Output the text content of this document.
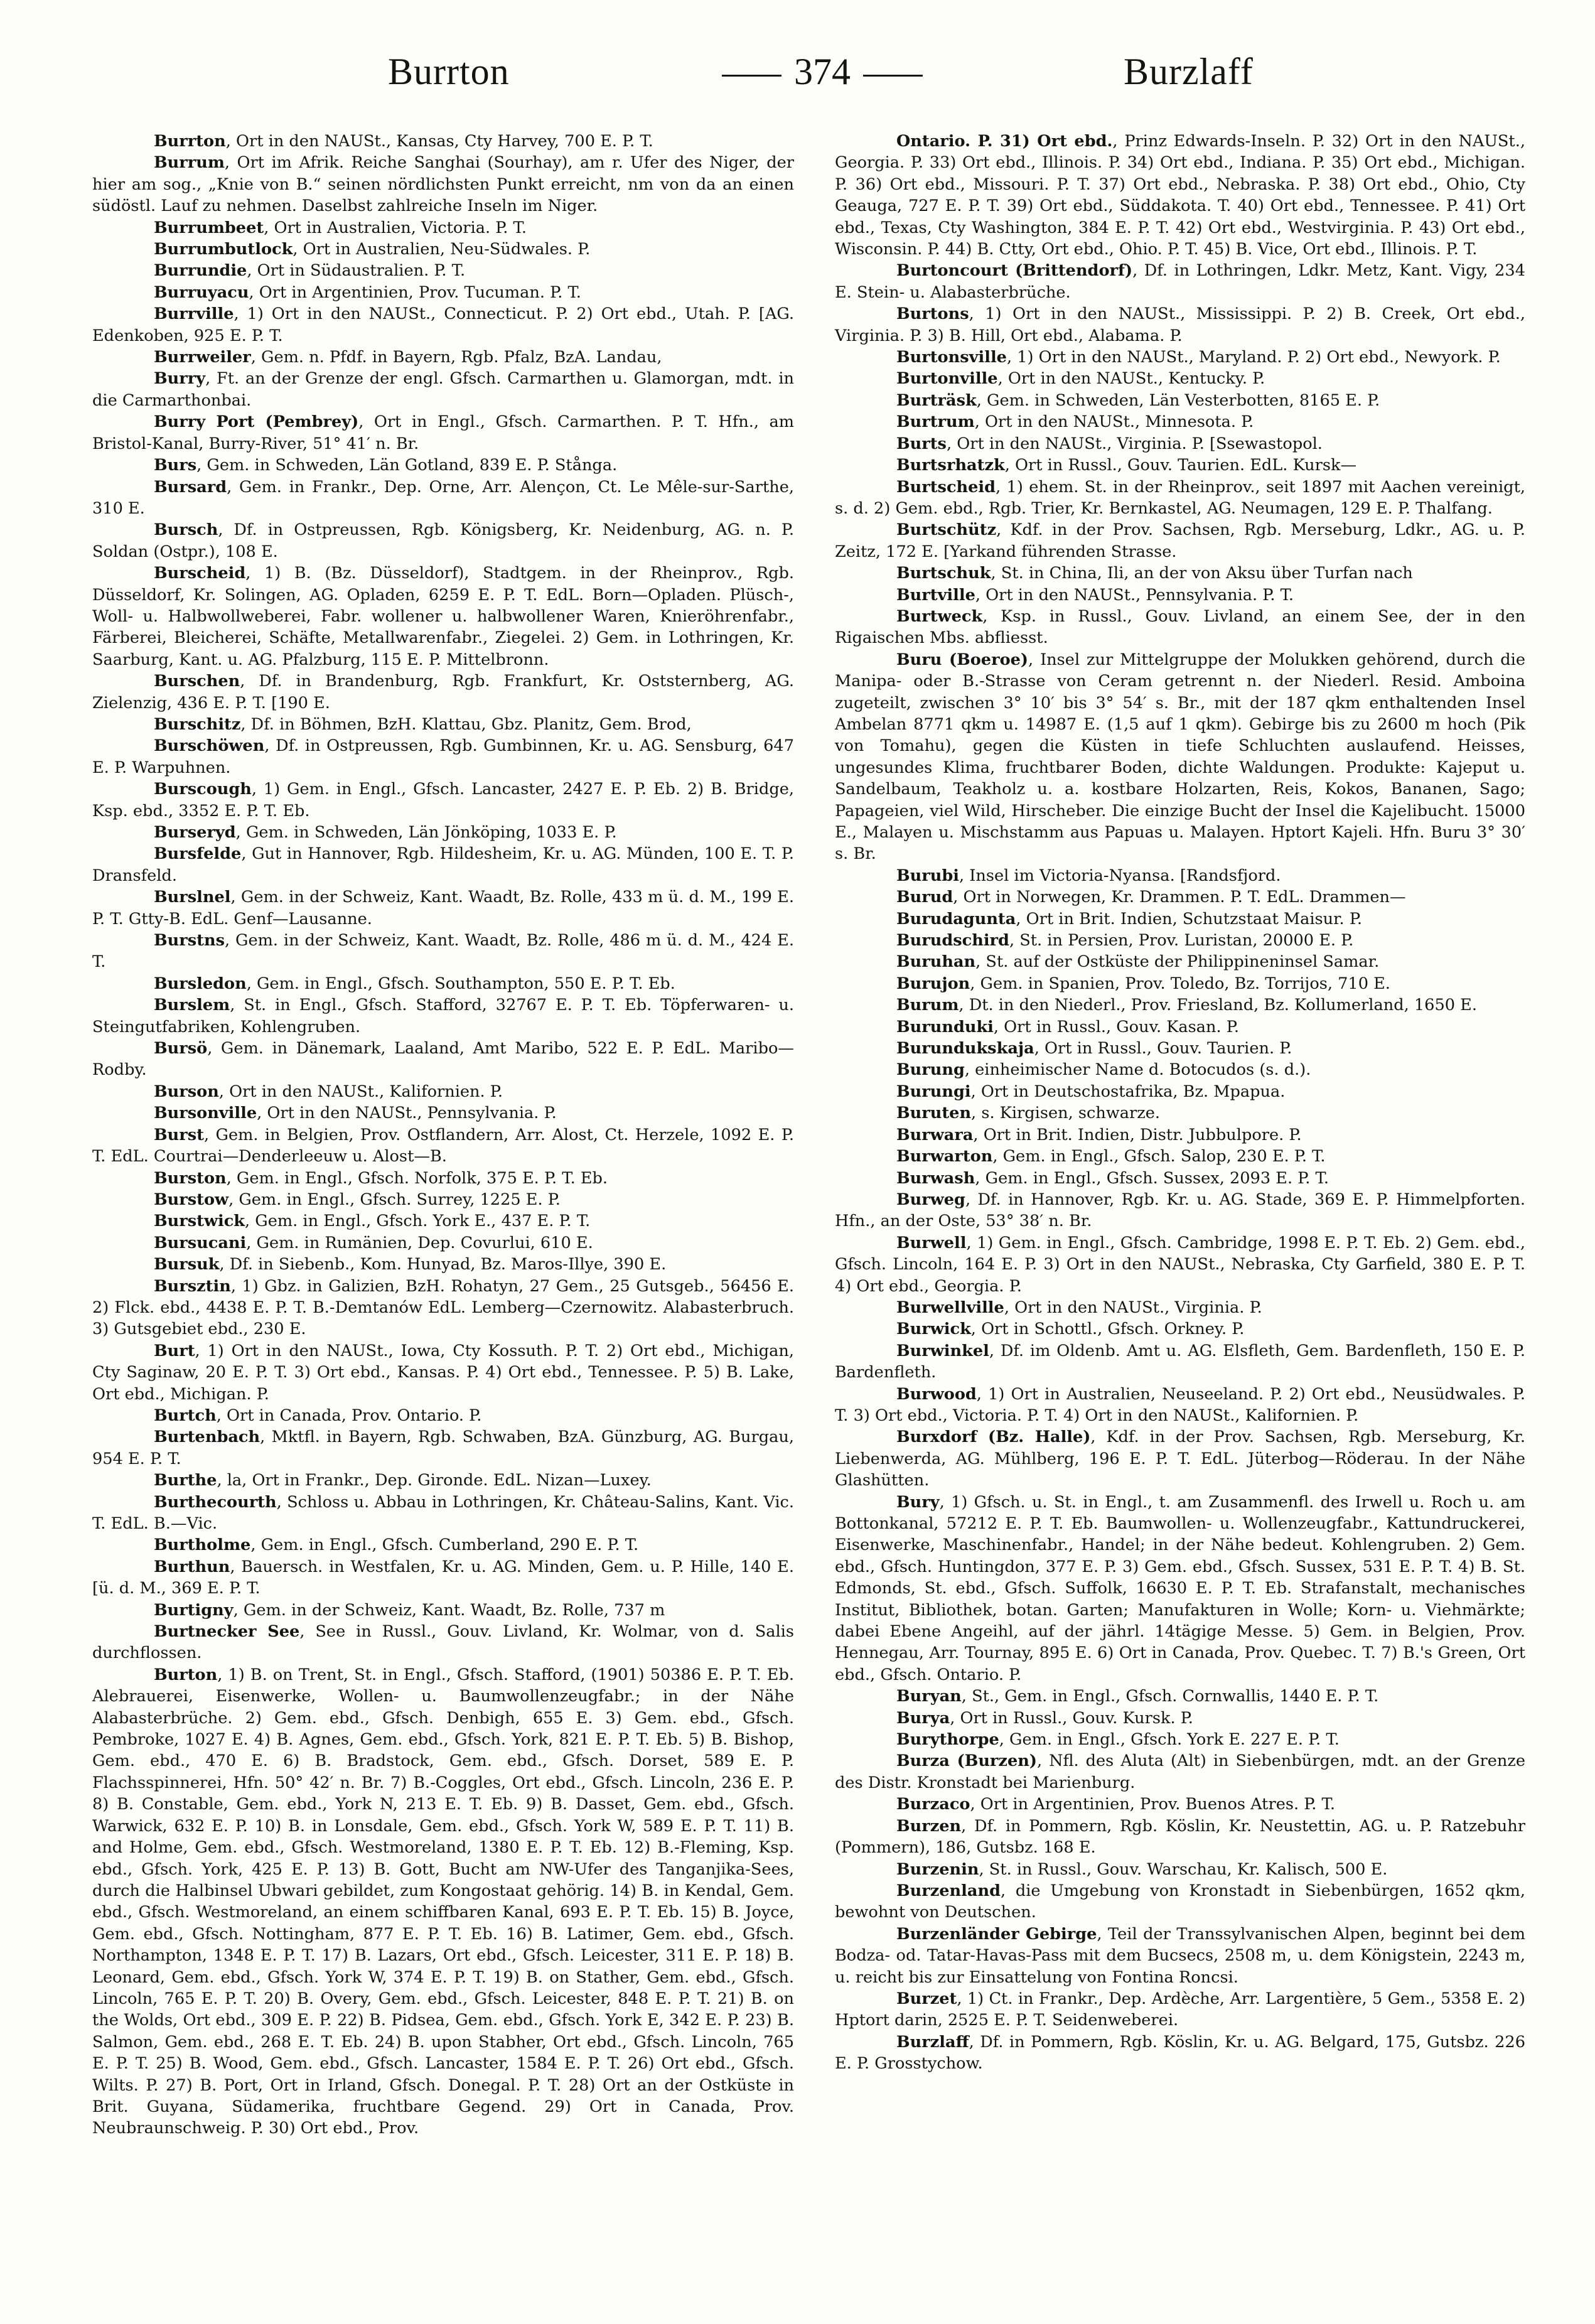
Burrton	374	Burzlaff

Burrton, Ort in den NAUSt., Kansas, Cty Harvey, 700 E. P. T.

Burrum, Ort im Afrik. Reiche Sanghai (Sourhay), am r. Ufer des Niger, der hier am sog., „Knie von B.“ seinen nördlichsten Punkt erreicht, nm von da an einen südöstl. Lauf zu nehmen. Daselbst zahlreiche Inseln im Niger.

Burrumbeet, Ort in Australien, Victoria. P. T.

Burrumbutlock, Ort in Australien, Neu-Südwales. P.

Burrundie, Ort in Südaustralien. P. T.

Burruyacu, Ort in Argentinien, Prov. Tucuman. P. T.

Burrville, 1) Ort in den NAUSt., Connecticut. P. 2) Ort ebd., Utah. P. [AG. Edenkoben, 925 E. P. T.

Burrweiler, Gem. n. Pfdf. in Bayern, Rgb. Pfalz, BzA. Landau,

Burry, Ft. an der Grenze der engl. Gfsch. Carmarthen u. Glamorgan, mdt. in die Carmarthonbai.

Burry Port (Pembrey), Ort in Engl., Gfsch. Carmarthen. P. T. Hfn., am Bristol-Kanal, Burry-River, 51° 41′ n. Br.

Burs, Gem. in Schweden, Län Gotland, 839 E. P. Stånga.

Bursard, Gem. in Frankr., Dep. Orne, Arr. Alençon, Ct. Le Mêle-sur-Sarthe, 310 E.

Bursch, Df. in Ostpreussen, Rgb. Königsberg, Kr. Neidenburg, AG. n. P. Soldan (Ostpr.), 108 E.

Burscheid, 1) B. (Bz. Düsseldorf), Stadtgem. in der Rheinprov., Rgb. Düsseldorf, Kr. Solingen, AG. Opladen, 6259 E. P. T. EdL. Born—Opladen. Plüsch-, Woll- u. Halbwollweberei, Fabr. wollener u. halbwollener Waren, Knieröhrenfabr., Färberei, Bleicherei, Schäfte, Metallwarenfabr., Ziegelei. 2) Gem. in Lothringen, Kr. Saarburg, Kant. u. AG. Pfalzburg, 115 E. P. Mittelbronn.

Burschen, Df. in Brandenburg, Rgb. Frankfurt, Kr. Oststernberg, AG. Zielenzig, 436 E. P. T. [190 E.

Burschitz, Df. in Böhmen, BzH. Klattau, Gbz. Planitz, Gem. Brod,

Burschöwen, Df. in Ostpreussen, Rgb. Gumbinnen, Kr. u. AG. Sensburg, 647 E. P. Warpuhnen.

Burscough, 1) Gem. in Engl., Gfsch. Lancaster, 2427 E. P. Eb. 2) B. Bridge, Ksp. ebd., 3352 E. P. T. Eb.

Burseryd, Gem. in Schweden, Län Jönköping, 1033 E. P.

Bursfelde, Gut in Hannover, Rgb. Hildesheim, Kr. u. AG. Münden, 100 E. T. P. Dransfeld.

Burslnel, Gem. in der Schweiz, Kant. Waadt, Bz. Rolle, 433 m ü. d. M., 199 E. P. T. Gtty-B. EdL. Genf—Lausanne.

Burstns, Gem. in der Schweiz, Kant. Waadt, Bz. Rolle, 486 m ü. d. M., 424 E. T.

Bursledon, Gem. in Engl., Gfsch. Southampton, 550 E. P. T. Eb.

Burslem, St. in Engl., Gfsch. Stafford, 32767 E. P. T. Eb. Töpferwaren- u. Steingutfabriken, Kohlengruben.

Bursö, Gem. in Dänemark, Laaland, Amt Maribo, 522 E. P. EdL. Maribo—Rodby.

Burson, Ort in den NAUSt., Kalifornien. P.

Bursonville, Ort in den NAUSt., Pennsylvania. P.

Burst, Gem. in Belgien, Prov. Ostflandern, Arr. Alost, Ct. Herzele, 1092 E. P. T. EdL. Courtrai—Denderleeuw u. Alost—B.

Burston, Gem. in Engl., Gfsch. Norfolk, 375 E. P. T. Eb.

Burstow, Gem. in Engl., Gfsch. Surrey, 1225 E. P.

Burstwick, Gem. in Engl., Gfsch. York E., 437 E. P. T.

Bursucani, Gem. in Rumänien, Dep. Covurlui, 610 E.

Bursuk, Df. in Siebenb., Kom. Hunyad, Bz. Maros-Illye, 390 E.

Bursztin, 1) Gbz. in Galizien, BzH. Rohatyn, 27 Gem., 25 Gutsgeb., 56456 E. 2) Flck. ebd., 4438 E. P. T. B.-Demtanów EdL. Lemberg—Czernowitz. Alabasterbruch. 3) Gutsgebiet ebd., 230 E.

Burt, 1) Ort in den NAUSt., Iowa, Cty Kossuth. P. T. 2) Ort ebd., Michigan, Cty Saginaw, 20 E. P. T. 3) Ort ebd., Kansas. P. 4) Ort ebd., Tennessee. P. 5) B. Lake, Ort ebd., Michigan. P.

Burtch, Ort in Canada, Prov. Ontario. P.

Burtenbach, Mktfl. in Bayern, Rgb. Schwaben, BzA. Günzburg, AG. Burgau, 954 E. P. T.

Burthe, la, Ort in Frankr., Dep. Gironde. EdL. Nizan—Luxey.

Burthecourth, Schloss u. Abbau in Lothringen, Kr. Château-Salins, Kant. Vic. T. EdL. B.—Vic.

Burtholme, Gem. in Engl., Gfsch. Cumberland, 290 E. P. T.

Burthun, Bauersch. in Westfalen, Kr. u. AG. Minden, Gem. u. P. Hille, 140 E. [ü. d. M., 369 E. P. T.

Burtigny, Gem. in der Schweiz, Kant. Waadt, Bz. Rolle, 737 m

Burtnecker See, See in Russl., Gouv. Livland, Kr. Wolmar, von d. Salis durchflossen.

Burton, 1) B. on Trent, St. in Engl., Gfsch. Stafford, (1901) 50386 E. P. T. Eb. Alebrauerei, Eisenwerke, Wollen- u. Baumwollenzeugfabr.; in der Nähe Alabasterbrüche. 2) Gem. ebd., Gfsch. Denbigh, 655 E. 3) Gem. ebd., Gfsch. Pembroke, 1027 E. 4) B. Agnes, Gem. ebd., Gfsch. York, 821 E. P. T. Eb. 5) B. Bishop, Gem. ebd., 470 E. 6) B. Bradstock, Gem. ebd., Gfsch. Dorset, 589 E. P. Flachsspinnerei, Hfn. 50° 42′ n. Br. 7) B.-Coggles, Ort ebd., Gfsch. Lincoln, 236 E. P. 8) B. Constable, Gem. ebd., York N, 213 E. T. Eb. 9) B. Dasset, Gem. ebd., Gfsch. Warwick, 632 E. P. 10) B. in Lonsdale, Gem. ebd., Gfsch. York W, 589 E. P. T. 11) B. and Holme, Gem. ebd., Gfsch. Westmoreland, 1380 E. P. T. Eb. 12) B.-Fleming, Ksp. ebd., Gfsch. York, 425 E. P. 13) B. Gott, Bucht am NW-Ufer des Tanganjika-Sees, durch die Halbinsel Ubwari gebildet, zum Kongostaat gehörig. 14) B. in Kendal, Gem. ebd., Gfsch. Westmoreland, an einem schiffbaren Kanal, 693 E. P. T. Eb. 15) B. Joyce, Gem. ebd., Gfsch. Nottingham, 877 E. P. T. Eb. 16) B. Latimer, Gem. ebd., Gfsch. Northampton, 1348 E. P. T. 17) B. Lazars, Ort ebd., Gfsch. Leicester, 311 E. P. 18) B. Leonard, Gem. ebd., Gfsch. York W, 374 E. P. T. 19) B. on Stather, Gem. ebd., Gfsch. Lincoln, 765 E. P. T. 20) B. Overy, Gem. ebd., Gfsch. Leicester, 848 E. P. T. 21) B. on the Wolds, Ort ebd., 309 E. P. 22) B. Pidsea, Gem. ebd., Gfsch. York E, 342 E. P. 23) B. Salmon, Gem. ebd., 268 E. T. Eb. 24) B. upon Stabher, Ort ebd., Gfsch. Lincoln, 765 E. P. T. 25) B. Wood, Gem. ebd., Gfsch. Lancaster, 1584 E. P. T. 26) Ort ebd., Gfsch. Wilts. P. 27) B. Port, Ort in Irland, Gfsch. Donegal. P. T. 28) Ort an der Ostküste in Brit. Guyana, Südamerika, fruchtbare Gegend. 29) Ort in Canada, Prov. Neubraunschweig. P. 30) Ort ebd., Prov.

Ontario. P. 31) Ort ebd., Prinz Edwards-Inseln. P. 32) Ort in den NAUSt., Georgia. P. 33) Ort ebd., Illinois. P. 34) Ort ebd., Indiana. P. 35) Ort ebd., Michigan. P. 36) Ort ebd., Missouri. P. T. 37) Ort ebd., Nebraska. P. 38) Ort ebd., Ohio, Cty Geauga, 727 E. P. T. 39) Ort ebd., Süddakota. T. 40) Ort ebd., Tennessee. P. 41) Ort ebd., Texas, Cty Washington, 384 E. P. T. 42) Ort ebd., Westvirginia. P. 43) Ort ebd., Wisconsin. P. 44) B. Ctty, Ort ebd., Ohio. P. T. 45) B. Vice, Ort ebd., Illinois. P. T.

Burtoncourt (Brittendorf), Df. in Lothringen, Ldkr. Metz, Kant. Vigy, 234 E. Stein- u. Alabasterbrüche.

Burtons, 1) Ort in den NAUSt., Mississippi. P. 2) B. Creek, Ort ebd., Virginia. P. 3) B. Hill, Ort ebd., Alabama. P.

Burtonsville, 1) Ort in den NAUSt., Maryland. P. 2) Ort ebd., Newyork. P.

Burtonville, Ort in den NAUSt., Kentucky. P.

Burträsk, Gem. in Schweden, Län Vesterbotten, 8165 E. P.

Burtrum, Ort in den NAUSt., Minnesota. P.

Burts, Ort in den NAUSt., Virginia. P. [Ssewastopol.

Burtsrhatzk, Ort in Russl., Gouv. Taurien. EdL. Kursk—

Burtscheid, 1) ehem. St. in der Rheinprov., seit 1897 mit Aachen vereinigt, s. d. 2) Gem. ebd., Rgb. Trier, Kr. Bernkastel, AG. Neumagen, 129 E. P. Thalfang.

Burtschütz, Kdf. in der Prov. Sachsen, Rgb. Merseburg, Ldkr., AG. u. P. Zeitz, 172 E. [Yarkand führenden Strasse.

Burtschuk, St. in China, Ili, an der von Aksu über Turfan nach

Burtville, Ort in den NAUSt., Pennsylvania. P. T.

Burtweck, Ksp. in Russl., Gouv. Livland, an einem See, der in den Rigaischen Mbs. abfliesst.

Buru (Boeroe), Insel zur Mittelgruppe der Molukken gehörend, durch die Manipa- oder B.-Strasse von Ceram getrennt n. der Niederl. Resid. Amboina zugeteilt, zwischen 3° 10′ bis 3° 54′ s. Br., mit der 187 qkm enthaltenden Insel Ambelan 8771 qkm u. 14987 E. (1,5 auf 1 qkm). Gebirge bis zu 2600 m hoch (Pik von Tomahu), gegen die Küsten in tiefe Schluchten auslaufend. Heisses, ungesundes Klima, fruchtbarer Boden, dichte Waldungen. Produkte: Kajeput u. Sandelbaum, Teakholz u. a. kostbare Holzarten, Reis, Kokos, Bananen, Sago; Papageien, viel Wild, Hirscheber. Die einzige Bucht der Insel die Kajelibucht. 15000 E., Malayen u. Mischstamm aus Papuas u. Malayen. Hptort Kajeli. Hfn. Buru 3° 30′ s. Br.

Burubi, Insel im Victoria-Nyansa. [Randsfjord.

Burud, Ort in Norwegen, Kr. Drammen. P. T. EdL. Drammen—

Burudagunta, Ort in Brit. Indien, Schutzstaat Maisur. P.

Burudschird, St. in Persien, Prov. Luristan, 20000 E. P.

Buruhan, St. auf der Ostküste der Philippineninsel Samar.

Burujon, Gem. in Spanien, Prov. Toledo, Bz. Torrijos, 710 E.

Burum, Dt. in den Niederl., Prov. Friesland, Bz. Kollumerland, 1650 E.

Burunduki, Ort in Russl., Gouv. Kasan. P.

Burundukskaja, Ort in Russl., Gouv. Taurien. P.

Burung, einheimischer Name d. Botocudos (s. d.).

Burungi, Ort in Deutschostafrika, Bz. Mpapua.

Buruten, s. Kirgisen, schwarze.

Burwara, Ort in Brit. Indien, Distr. Jubbulpore. P.

Burwarton, Gem. in Engl., Gfsch. Salop, 230 E. P. T.

Burwash, Gem. in Engl., Gfsch. Sussex, 2093 E. P. T.

Burweg, Df. in Hannover, Rgb. Kr. u. AG. Stade, 369 E. P. Himmelpforten. Hfn., an der Oste, 53° 38′ n. Br.

Burwell, 1) Gem. in Engl., Gfsch. Cambridge, 1998 E. P. T. Eb. 2) Gem. ebd., Gfsch. Lincoln, 164 E. P. 3) Ort in den NAUSt., Nebraska, Cty Garfield, 380 E. P. T. 4) Ort ebd., Georgia. P.

Burwellville, Ort in den NAUSt., Virginia. P.

Burwick, Ort in Schottl., Gfsch. Orkney. P.

Burwinkel, Df. im Oldenb. Amt u. AG. Elsfleth, Gem. Bardenfleth, 150 E. P. Bardenfleth.

Burwood, 1) Ort in Australien, Neuseeland. P. 2) Ort ebd., Neusüdwales. P. T. 3) Ort ebd., Victoria. P. T. 4) Ort in den NAUSt., Kalifornien. P.

Burxdorf (Bz. Halle), Kdf. in der Prov. Sachsen, Rgb. Merseburg, Kr. Liebenwerda, AG. Mühlberg, 196 E. P. T. EdL. Jüterbog—Röderau. In der Nähe Glashütten.

Bury, 1) Gfsch. u. St. in Engl., t. am Zusammenfl. des Irwell u. Roch u. am Bottonkanal, 57212 E. P. T. Eb. Baumwollen- u. Wollenzeugfabr., Kattundruckerei, Eisenwerke, Maschinenfabr., Handel; in der Nähe bedeut. Kohlengruben. 2) Gem. ebd., Gfsch. Huntingdon, 377 E. P. 3) Gem. ebd., Gfsch. Sussex, 531 E. P. T. 4) B. St. Edmonds, St. ebd., Gfsch. Suffolk, 16630 E. P. T. Eb. Strafanstalt, mechanisches Institut, Bibliothek, botan. Garten; Manufakturen in Wolle; Korn- u. Viehmärkte; dabei Ebene Angeihl, auf der jährl. 14tägige Messe. 5) Gem. in Belgien, Prov. Hennegau, Arr. Tournay, 895 E. 6) Ort in Canada, Prov. Quebec. T. 7) B.'s Green, Ort ebd., Gfsch. Ontario. P.

Buryan, St., Gem. in Engl., Gfsch. Cornwallis, 1440 E. P. T.

Burya, Ort in Russl., Gouv. Kursk. P.

Burythorpe, Gem. in Engl., Gfsch. York E. 227 E. P. T.

Burza (Burzen), Nfl. des Aluta (Alt) in Siebenbürgen, mdt. an der Grenze des Distr. Kronstadt bei Marienburg.

Burzaco, Ort in Argentinien, Prov. Buenos Atres. P. T.

Burzen, Df. in Pommern, Rgb. Köslin, Kr. Neustettin, AG. u. P. Ratzebuhr (Pommern), 186, Gutsbz. 168 E.

Burzenin, St. in Russl., Gouv. Warschau, Kr. Kalisch, 500 E.

Burzenland, die Umgebung von Kronstadt in Siebenbürgen, 1652 qkm, bewohnt von Deutschen.

Burzenländer Gebirge, Teil der Transsylvanischen Alpen, beginnt bei dem Bodza- od. Tatar-Havas-Pass mit dem Bucsecs, 2508 m, u. dem Königstein, 2243 m, u. reicht bis zur Einsattelung von Fontina Roncsi.

Burzet, 1) Ct. in Frankr., Dep. Ardèche, Arr. Largentière, 5 Gem., 5358 E. 2) Hptort darin, 2525 E. P. T. Seidenweberei.

Burzlaff, Df. in Pommern, Rgb. Köslin, Kr. u. AG. Belgard, 175, Gutsbz. 226 E. P. Grosstychow.
